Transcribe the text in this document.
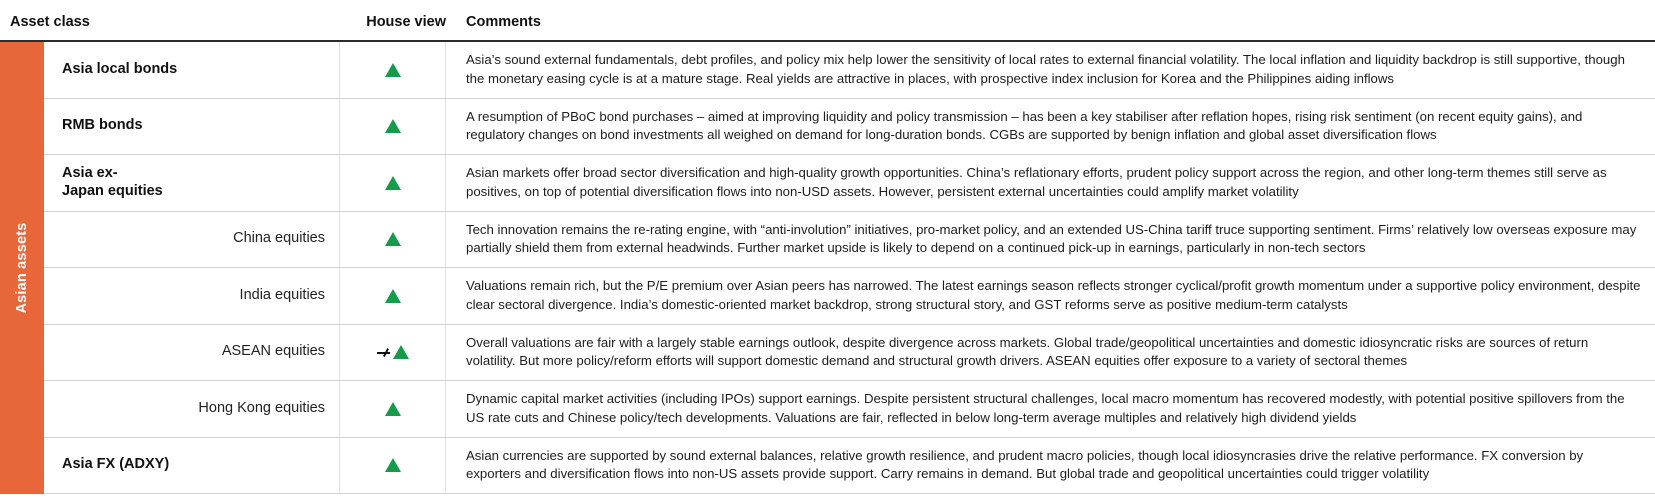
Asset class	House view	Comments
Asian assets
Asia local bonds
Asia’s sound external fundamentals, debt profiles, and policy mix help lower the sensitivity of local rates to external financial volatility. The local inflation and liquidity backdrop is still supportive, though the monetary easing cycle is at a mature stage. Real yields are attractive in places, with prospective index inclusion for Korea and the Philippines aiding inflows
RMB bonds
A resumption of PBoC bond purchases – aimed at improving liquidity and policy transmission – has been a key stabiliser after reflation hopes, rising risk sentiment (on recent equity gains), and regulatory changes on bond investments all weighed on demand for long-duration bonds. CGBs are supported by benign inflation and global asset diversification flows
Asia ex-
Japan equities
Asian markets offer broad sector diversification and high-quality growth opportunities. China’s reflationary efforts, prudent policy support across the region, and other long-term themes still serve as positives, on top of potential diversification flows into non-USD assets. However, persistent external uncertainties could amplify market volatility
China equities
Tech innovation remains the re-rating engine, with “anti-involution” initiatives, pro-market policy, and an extended US-China tariff truce supporting sentiment. Firms’ relatively low overseas exposure may partially shield them from external headwinds. Further market upside is likely to depend on a continued pick-up in earnings, particularly in non-tech sectors
India equities
Valuations remain rich, but the P/E premium over Asian peers has narrowed. The latest earnings season reflects stronger cyclical/profit growth momentum under a supportive policy environment, despite clear sectoral divergence. India’s domestic-oriented market backdrop, strong structural story, and GST reforms serve as positive medium-term catalysts
ASEAN equities
Overall valuations are fair with a largely stable earnings outlook, despite divergence across markets. Global trade/geopolitical uncertainties and domestic idiosyncratic risks are sources of return volatility. But more policy/reform efforts will support domestic demand and structural growth drivers. ASEAN equities offer exposure to a variety of sectoral themes
Hong Kong equities
Dynamic capital market activities (including IPOs) support earnings. Despite persistent structural challenges, local macro momentum has recovered modestly, with potential positive spillovers from the US rate cuts and Chinese policy/tech developments. Valuations are fair, reflected in below long-term average multiples and relatively high dividend yields
Asia FX (ADXY)
Asian currencies are supported by sound external balances, relative growth resilience, and prudent macro policies, though local idiosyncrasies drive the relative performance. FX conversion by exporters and diversification flows into non-US assets provide support. Carry remains in demand. But global trade and geopolitical uncertainties could trigger volatility
